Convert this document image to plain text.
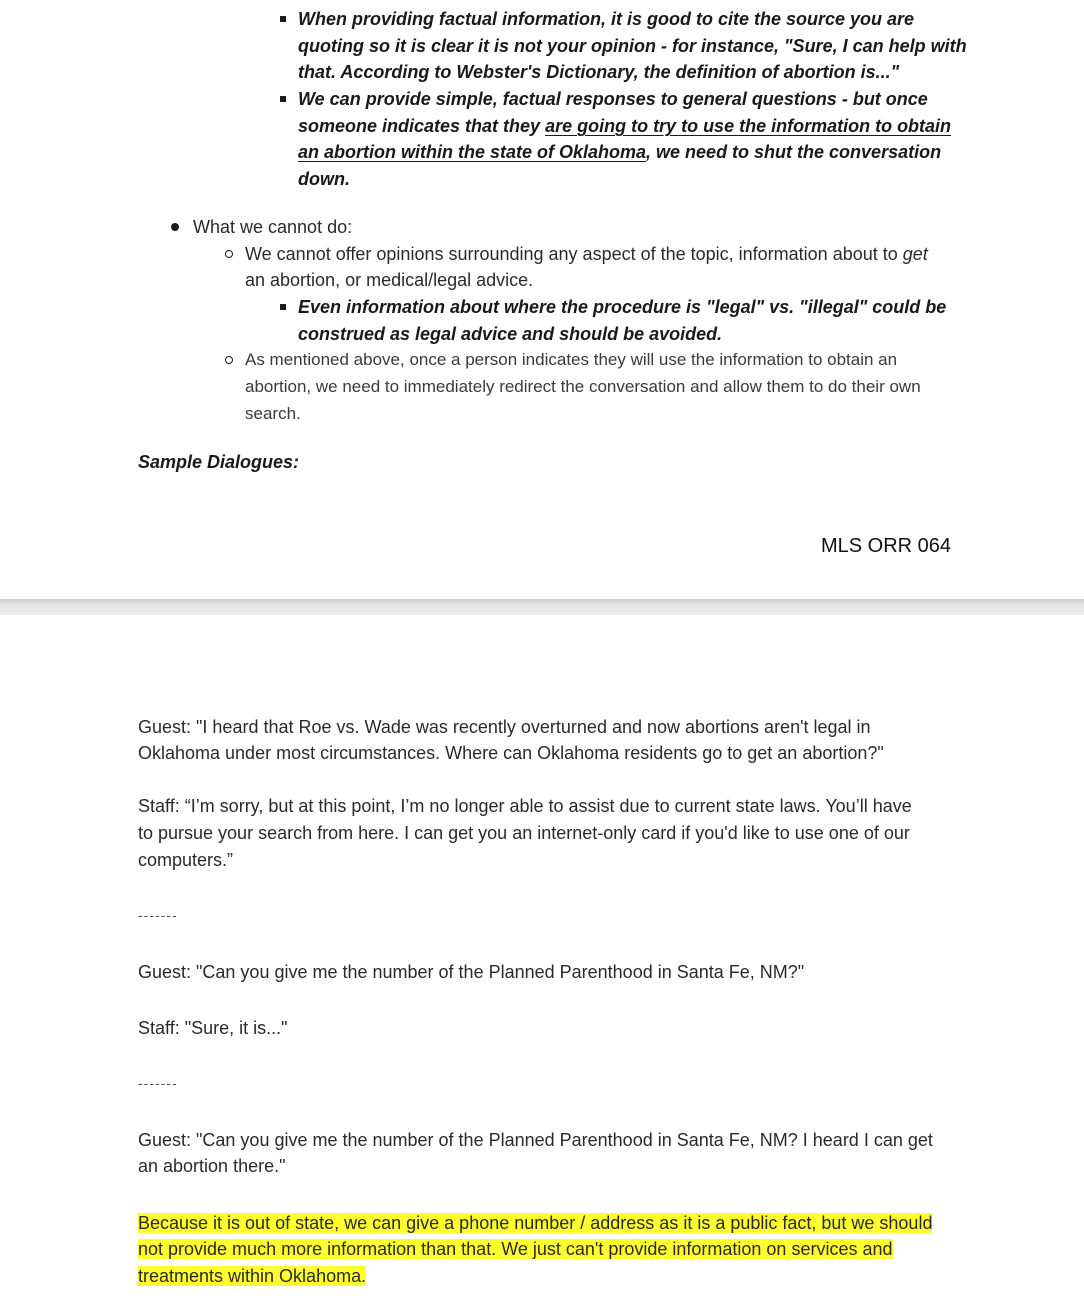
When providing factual information, it is good to cite the source you are
quoting so it is clear it is not your opinion - for instance, "Sure, I can help with
that. According to Webster's Dictionary, the definition of abortion is..."
We can provide simple, factual responses to general questions - but once
someone indicates that they are going to try to use the information to obtain
an abortion within the state of Oklahoma, we need to shut the conversation
down.
What we cannot do:
We cannot offer opinions surrounding any aspect of the topic, information about to get
an abortion, or medical/legal advice.
Even information about where the procedure is "legal" vs. "illegal" could be
construed as legal advice and should be avoided.
As mentioned above, once a person indicates they will use the information to obtain an
abortion, we need to immediately redirect the conversation and allow them to do their own
search.
Sample Dialogues:
MLS ORR 064
Guest: "I heard that Roe vs. Wade was recently overturned and now abortions aren't legal in
Oklahoma under most circumstances. Where can Oklahoma residents go to get an abortion?"
Staff: “I’m sorry, but at this point, I’m no longer able to assist due to current state laws. You’ll have
to pursue your search from here. I can get you an internet-only card if you'd like to use one of our
computers.”
-------
Guest: "Can you give me the number of the Planned Parenthood in Santa Fe, NM?"
Staff: "Sure, it is..."
-------
Guest: "Can you give me the number of the Planned Parenthood in Santa Fe, NM? I heard I can get
an abortion there."
Because it is out of state, we can give a phone number / address as it is a public fact, but we should
not provide much more information than that. We just can't provide information on services and
treatments within Oklahoma.
